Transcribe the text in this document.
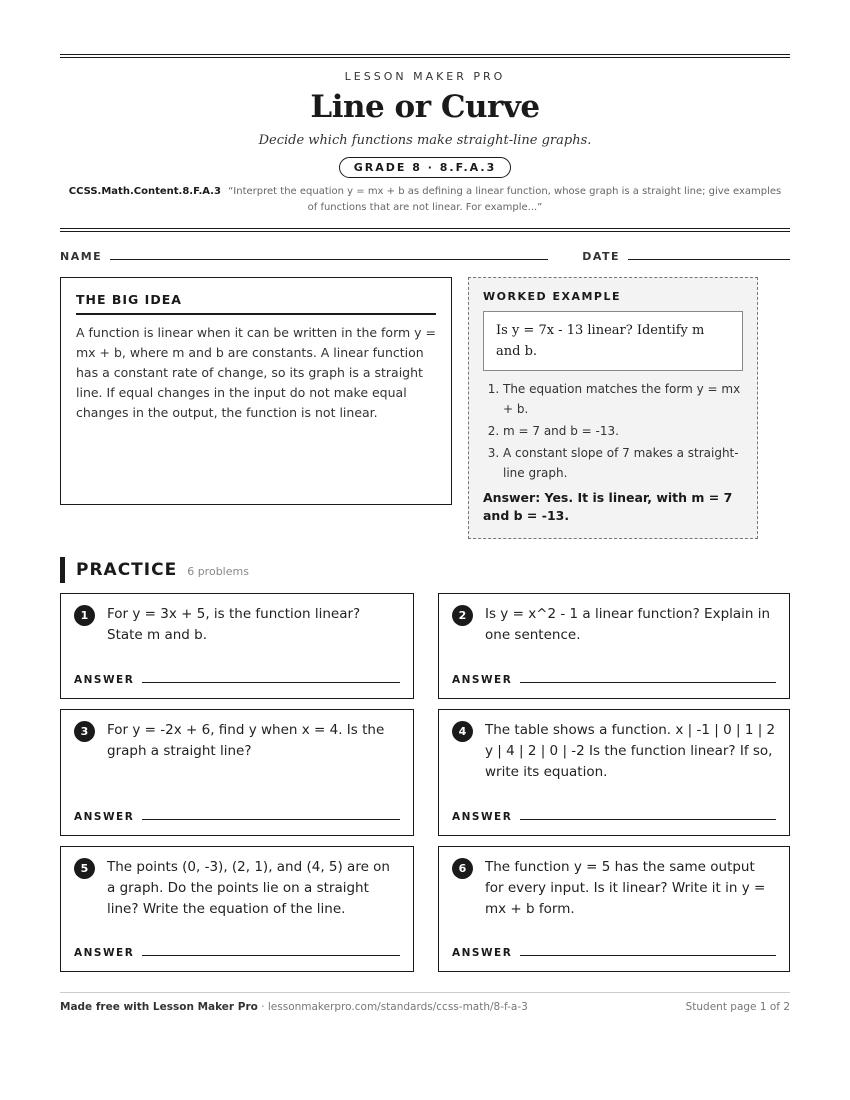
LESSON MAKER PRO
Line or Curve
Decide which functions make straight-line graphs.
GRADE 8 · 8.F.A.3
CCSS.Math.Content.8.F.A.3 “Interpret the equation y = mx + b as defining a linear function, whose graph is a straight line; give examples of functions that are not linear. For example...”
NAME	DATE
THE BIG IDEA

A function is linear when it can be written in the form y = mx + b, where m and b are constants. A linear function has a constant rate of change, so its graph is a straight line. If equal changes in the input do not make equal changes in the output, the function is not linear.

WORKED EXAMPLE
Is y = 7x - 13 linear? Identify m and b.
1. The equation matches the form y = mx + b.
2. m = 7 and b = -13.
3. A constant slope of 7 makes a straight-line graph.
Answer: Yes. It is linear, with m = 7 and b = -13.
PRACTICE 6 problems
1	For y = 3x + 5, is the function linear? State m and b.
ANSWER
2	Is y = x^2 - 1 a linear function? Explain in one sentence.
ANSWER
3	For y = -2x + 6, find y when x = 4. Is the graph a straight line?
ANSWER
4	The table shows a function. x | -1 | 0 | 1 | 2 y | 4 | 2 | 0 | -2 Is the function linear? If so, write its equation.
ANSWER
5	The points (0, -3), (2, 1), and (4, 5) are on a graph. Do the points lie on a straight line? Write the equation of the line.
ANSWER
6	The function y = 5 has the same output for every input. Is it linear? Write it in y = mx + b form.
ANSWER
Made free with Lesson Maker Pro · lessonmakerpro.com/standards/ccss-math/8-f-a-3	Student page 1 of 2
